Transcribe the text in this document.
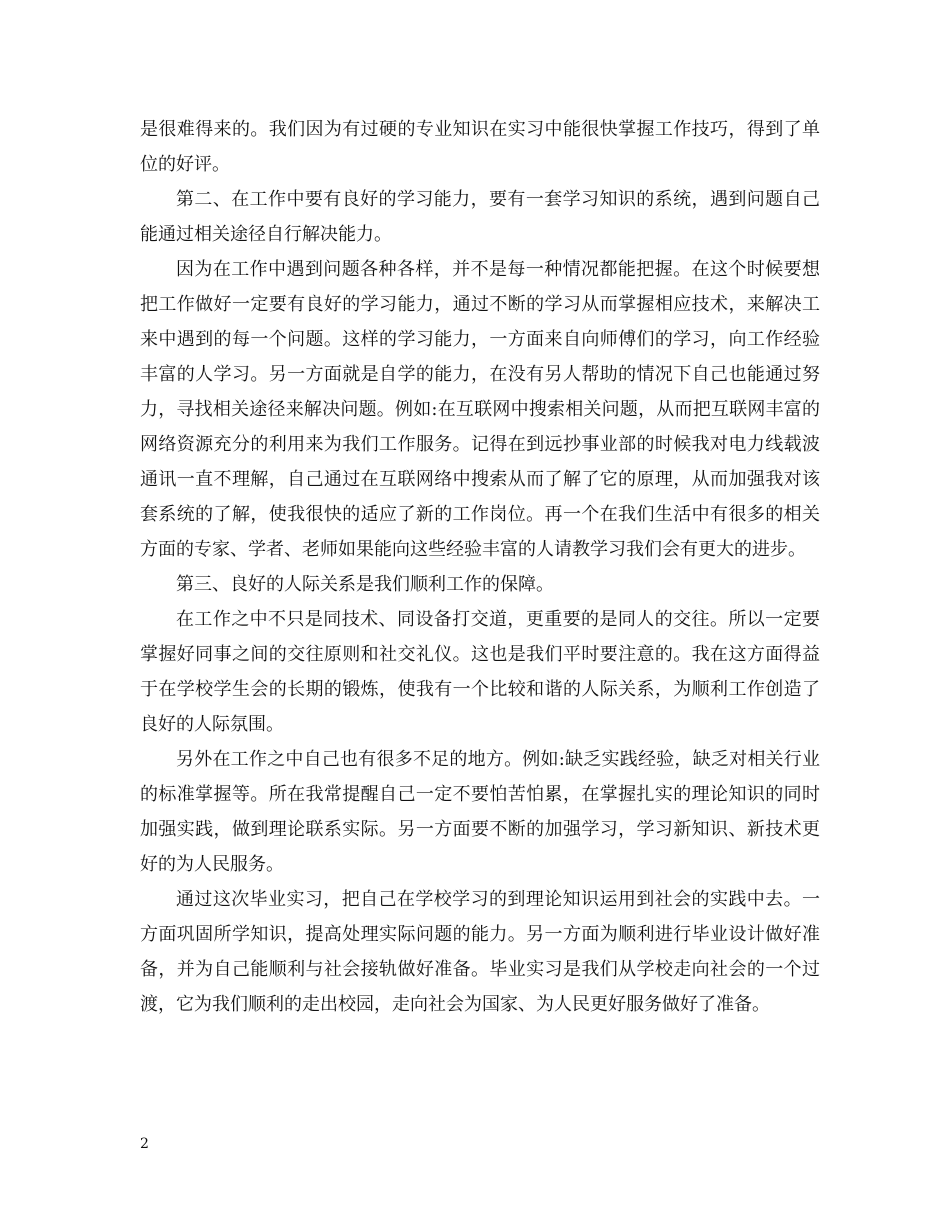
是很难得来的。我们因为有过硬的专业知识在实习中能很快掌握工作技巧，得到了单位的好评。

第二、在工作中要有良好的学习能力，要有一套学习知识的系统，遇到问题自己能通过相关途径自行解决能力。

因为在工作中遇到问题各种各样，并不是每一种情况都能把握。在这个时候要想把工作做好一定要有良好的学习能力，通过不断的学习从而掌握相应技术，来解决工来中遇到的每一个问题。这样的学习能力，一方面来自向师傅们的学习，向工作经验丰富的人学习。另一方面就是自学的能力，在没有另人帮助的情况下自己也能通过努力，寻找相关途径来解决问题。例如:在互联网中搜索相关问题，从而把互联网丰富的网络资源充分的利用来为我们工作服务。记得在到远抄事业部的时候我对电力线载波通讯一直不理解，自己通过在互联网络中搜索从而了解了它的原理，从而加强我对该套系统的了解，使我很快的适应了新的工作岗位。再一个在我们生活中有很多的相关方面的专家、学者、老师如果能向这些经验丰富的人请教学习我们会有更大的进步。

第三、良好的人际关系是我们顺利工作的保障。

在工作之中不只是同技术、同设备打交道，更重要的是同人的交往。所以一定要掌握好同事之间的交往原则和社交礼仪。这也是我们平时要注意的。我在这方面得益于在学校学生会的长期的锻炼，使我有一个比较和谐的人际关系，为顺利工作创造了良好的人际氛围。

另外在工作之中自己也有很多不足的地方。例如:缺乏实践经验，缺乏对相关行业的标准掌握等。所在我常提醒自己一定不要怕苦怕累，在掌握扎实的理论知识的同时加强实践，做到理论联系实际。另一方面要不断的加强学习，学习新知识、新技术更好的为人民服务。

通过这次毕业实习，把自己在学校学习的到理论知识运用到社会的实践中去。一方面巩固所学知识，提高处理实际问题的能力。另一方面为顺利进行毕业设计做好准备，并为自己能顺利与社会接轨做好准备。毕业实习是我们从学校走向社会的一个过渡，它为我们顺利的走出校园，走向社会为国家、为人民更好服务做好了准备。

2
